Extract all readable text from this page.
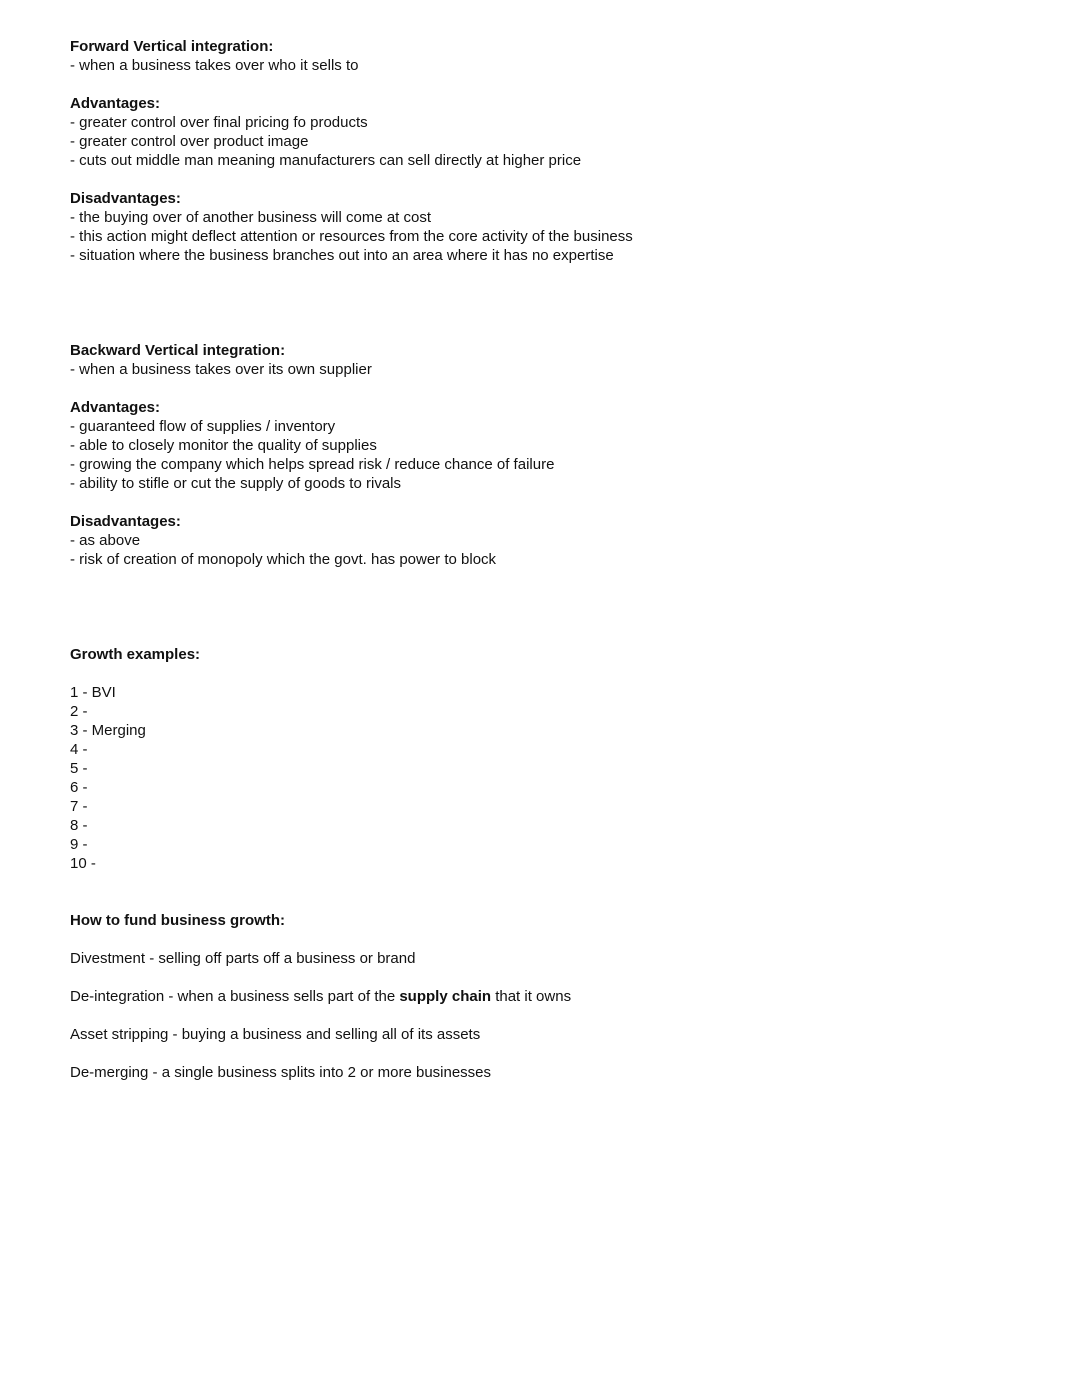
Forward Vertical integration:
- when a business takes over who it sells to
Advantages:
- greater control over final pricing fo products
- greater control over product image
- cuts out middle man meaning manufacturers can sell directly at higher price
Disadvantages:
- the buying over of another business will come at cost
- this action might deflect attention or resources from the core activity of the business
- situation where the business branches out into an area where it has no expertise
Backward Vertical integration:
- when a business takes over its own supplier
Advantages:
- guaranteed flow of supplies / inventory
- able to closely monitor the quality of supplies
- growing the company which helps spread risk / reduce chance of failure
- ability to stifle or cut the supply of goods to rivals
Disadvantages:
- as above
- risk of creation of monopoly which the govt. has power to block
Growth examples:
1 - BVI
2 -
3 - Merging
4 -
5 -
6 -
7 -
8 -
9 -
10 -
How to fund business growth:
Divestment - selling off parts off a business or brand
De-integration - when a business sells part of the supply chain that it owns
Asset stripping - buying a business and selling all of its assets
De-merging - a single business splits into 2 or more businesses
